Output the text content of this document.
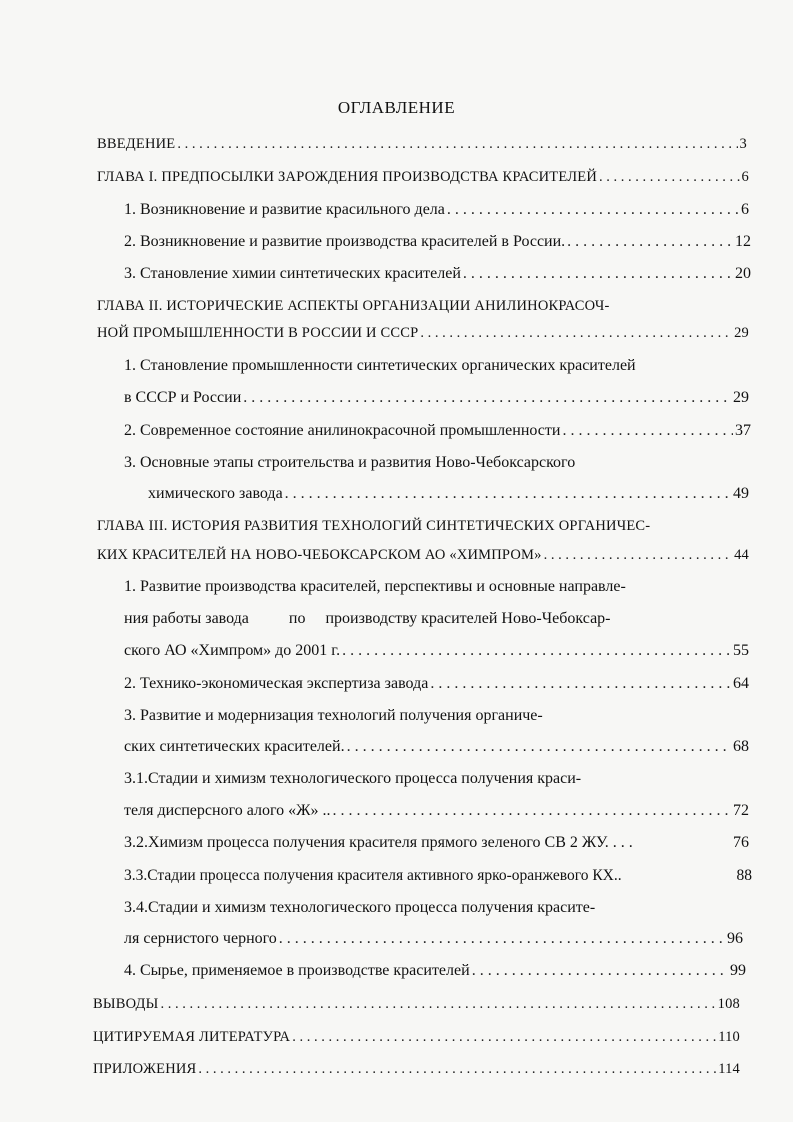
ОГЛАВЛЕНИЕ
ВВЕДЕНИЕ . . .	3
ГЛАВА I. ПРЕДПОСЫЛКИ ЗАРОЖДЕНИЯ ПРОИЗВОДСТВА КРАСИТЕЛЕЙ . . .	6
1. Возникновение и развитие красильного дела . . .	6
2. Возникновение и развитие производства красителей в России. . . .	12
3. Становление химии синтетических красителей . . .	20
ГЛАВА II. ИСТОРИЧЕСКИЕ АСПЕКТЫ ОРГАНИЗАЦИИ АНИЛИНОКРАСОЧ-
НОЙ ПРОМЫШЛЕННОСТИ В РОССИИ И СССР . . .	29
1. Становление промышленности синтетических органических красителей
в СССР и России . . .	29
2. Современное состояние анилинокрасочной промышленности . . .	37
3. Основные этапы строительства и развития Ново-Чебоксарского
химического завода . . .	49
ГЛАВА III. ИСТОРИЯ РАЗВИТИЯ ТЕХНОЛОГИЙ СИНТЕТИЧЕСКИХ ОРГАНИЧЕС-
КИХ КРАСИТЕЛЕЙ НА НОВО-ЧЕБОКСАРСКОМ АО «ХИМПРОМ» . . .	44
1. Развитие производства красителей, перспективы и основные направле-
ния работы завода          по     производству красителей Ново-Чебоксар-
ского АО «Химпром» до 2001 г. . . .	55
2. Технико-экономическая экспертиза завода . . .	64
3. Развитие и модернизация технологий получения органиче-
ских синтетических красителей. . . .	68
3.1.Стадии и химизм технологического процесса получения краси-
теля дисперсного алого «Ж» .. . . .	72
3.2.Химизм процесса получения красителя прямого зеленого СВ 2 ЖУ. . . .	76
3.3.Стадии процесса получения красителя активного ярко-оранжевого КХ..	88
3.4.Стадии и химизм технологического процесса получения красите-
ля сернистого черного . . .	96
4. Сырье, применяемое в производстве красителей . . .	99
ВЫВОДЫ . . .	108
ЦИТИРУЕМАЯ ЛИТЕРАТУРА . . .	110
ПРИЛОЖЕНИЯ . . .	114
